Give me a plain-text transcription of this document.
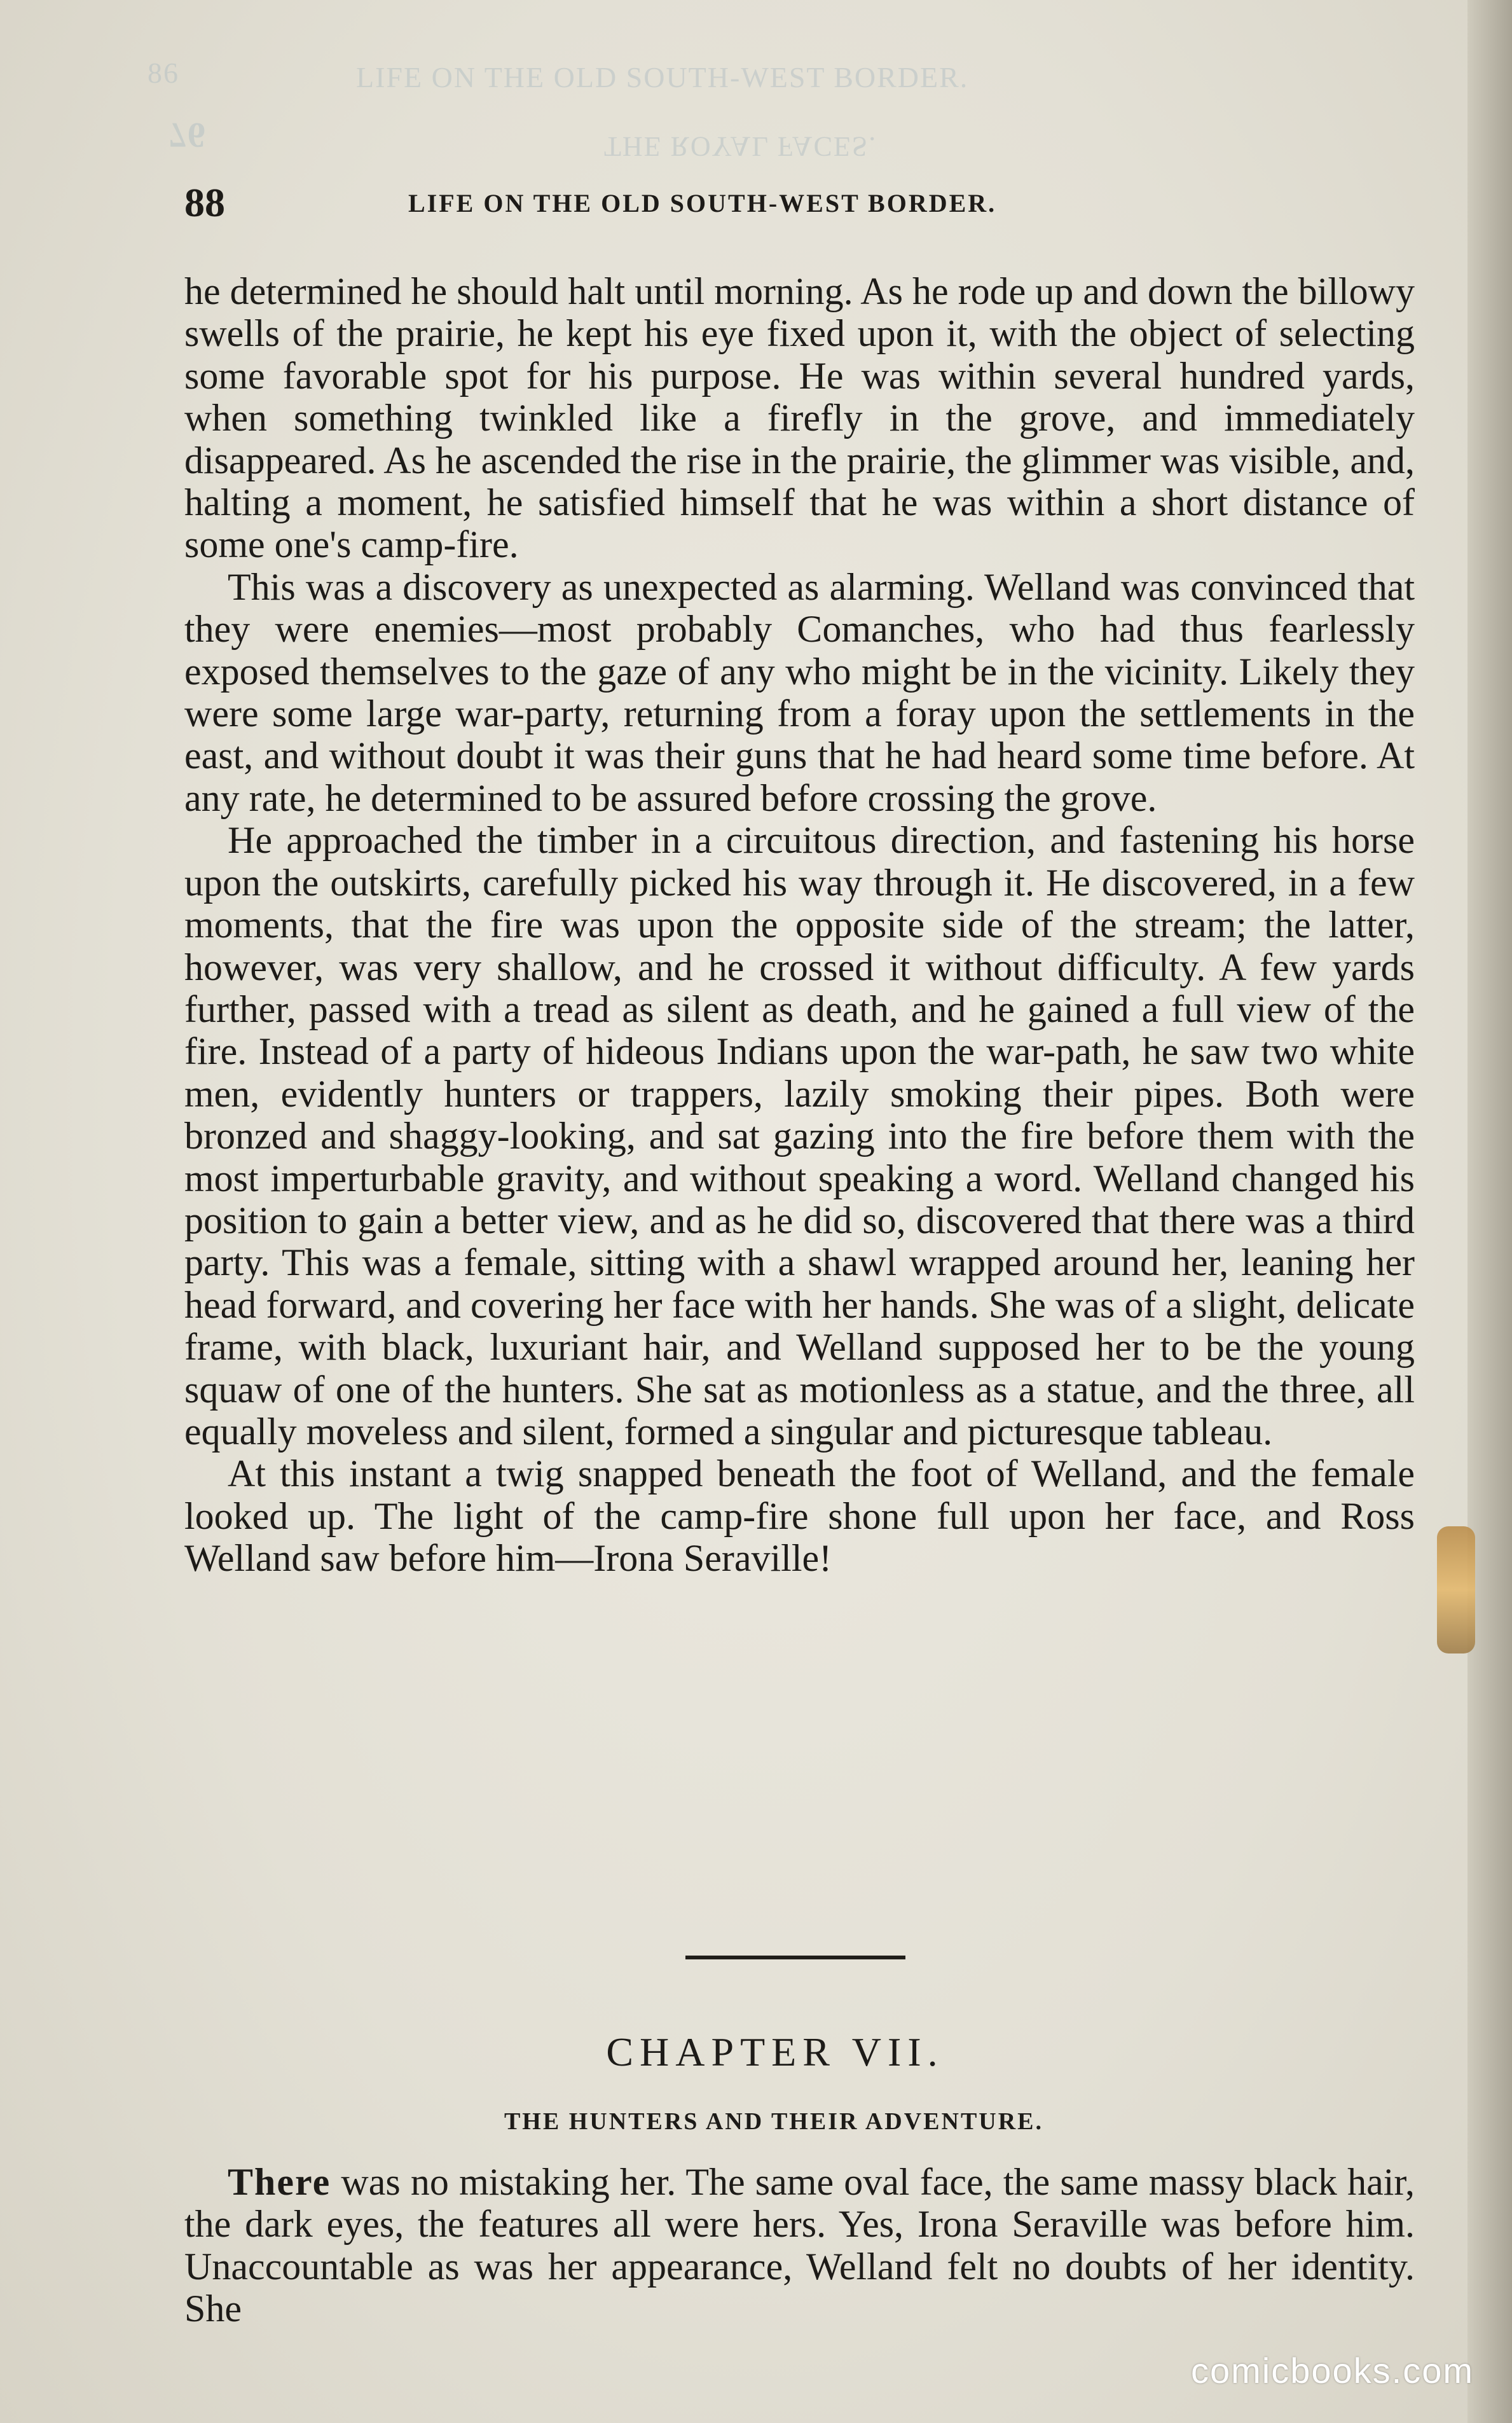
86	LIFE ON THE OLD SOUTH-WEST BORDER.
76	THE ROYAL FACES.
88	LIFE ON THE OLD SOUTH-WEST BORDER.

he determined he should halt until morning. As he rode up and down the billowy swells of the prairie, he kept his eye fixed upon it, with the object of selecting some favorable spot for his purpose. He was within several hundred yards, when something twinkled like a firefly in the grove, and immediately disappeared. As he ascended the rise in the prairie, the glimmer was visible, and, halting a moment, he satisfied himself that he was within a short distance of some one's camp-fire.

This was a discovery as unexpected as alarming. Welland was convinced that they were enemies—most probably Comanches, who had thus fearlessly exposed themselves to the gaze of any who might be in the vicinity. Likely they were some large war-party, returning from a foray upon the settlements in the east, and without doubt it was their guns that he had heard some time before. At any rate, he determined to be assured before crossing the grove.

He approached the timber in a circuitous direction, and fastening his horse upon the outskirts, carefully picked his way through it. He discovered, in a few moments, that the fire was upon the opposite side of the stream; the latter, however, was very shallow, and he crossed it without difficulty. A few yards further, passed with a tread as silent as death, and he gained a full view of the fire. Instead of a party of hideous Indians upon the war-path, he saw two white men, evidently hunters or trappers, lazily smoking their pipes. Both were bronzed and shaggy-looking, and sat gazing into the fire before them with the most imperturbable gravity, and without speaking a word. Welland changed his position to gain a better view, and as he did so, discovered that there was a third party. This was a female, sitting with a shawl wrapped around her, leaning her head forward, and covering her face with her hands. She was of a slight, delicate frame, with black, luxuriant hair, and Welland supposed her to be the young squaw of one of the hunters. She sat as motionless as a statue, and the three, all equally moveless and silent, formed a singular and picturesque tableau.

At this instant a twig snapped beneath the foot of Welland, and the female looked up. The light of the camp-fire shone full upon her face, and Ross Welland saw before him—Irona Seraville!

CHAPTER VII.
THE HUNTERS AND THEIR ADVENTURE.

There was no mistaking her. The same oval face, the same massy black hair, the dark eyes, the features all were hers. Yes, Irona Seraville was before him. Unaccountable as was her appearance, Welland felt no doubts of her identity. She

comicbooks.com
